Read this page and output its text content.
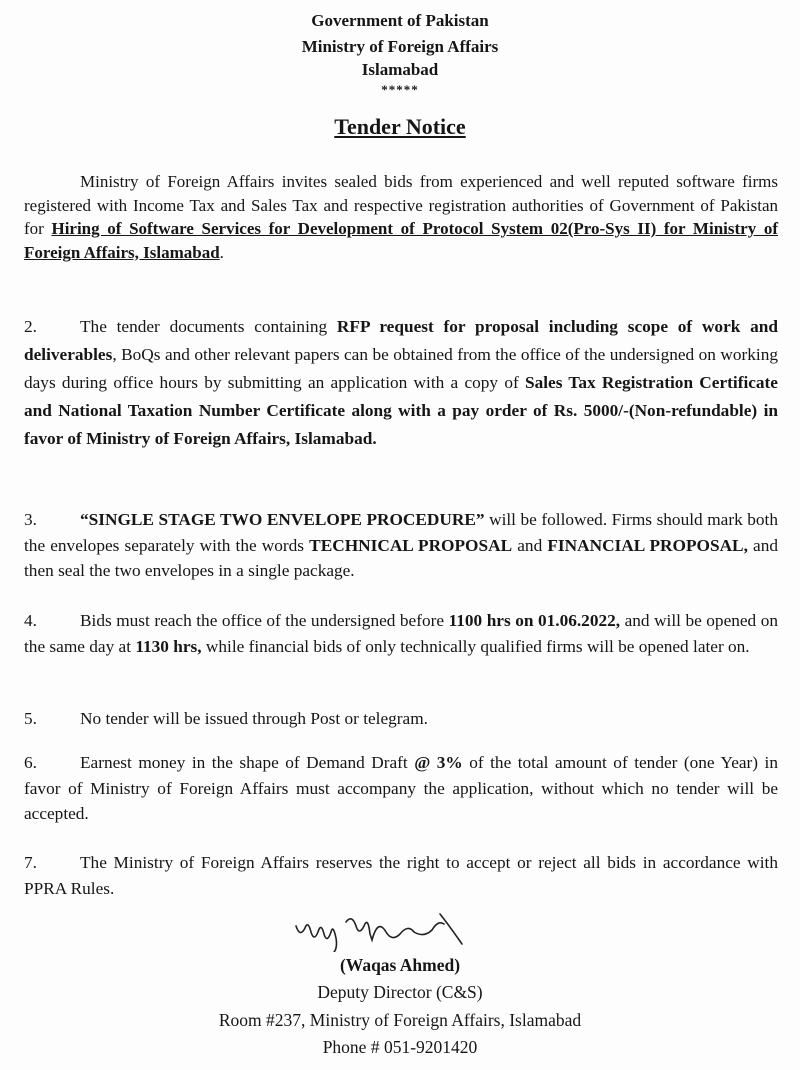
Government of Pakistan
Ministry of Foreign Affairs
Islamabad
*****
Tender Notice
Ministry of Foreign Affairs invites sealed bids from experienced and well reputed software firms registered with Income Tax and Sales Tax and respective registration authorities of Government of Pakistan for Hiring of Software Services for Development of Protocol System 02(Pro-Sys II) for Ministry of Foreign Affairs, Islamabad.
2. The tender documents containing RFP request for proposal including scope of work and deliverables, BoQs and other relevant papers can be obtained from the office of the undersigned on working days during office hours by submitting an application with a copy of Sales Tax Registration Certificate and National Taxation Number Certificate along with a pay order of Rs. 5000/-(Non-refundable) in favor of Ministry of Foreign Affairs, Islamabad.
3. “SINGLE STAGE TWO ENVELOPE PROCEDURE” will be followed. Firms should mark both the envelopes separately with the words TECHNICAL PROPOSAL and FINANCIAL PROPOSAL, and then seal the two envelopes in a single package.
4. Bids must reach the office of the undersigned before 1100 hrs on 01.06.2022, and will be opened on the same day at 1130 hrs, while financial bids of only technically qualified firms will be opened later on.
5. No tender will be issued through Post or telegram.
6. Earnest money in the shape of Demand Draft @ 3% of the total amount of tender (one Year) in favor of Ministry of Foreign Affairs must accompany the application, without which no tender will be accepted.
7. The Ministry of Foreign Affairs reserves the right to accept or reject all bids in accordance with PPRA Rules.
(Waqas Ahmed)
Deputy Director (C&S)
Room #237, Ministry of Foreign Affairs, Islamabad
Phone # 051-9201420
